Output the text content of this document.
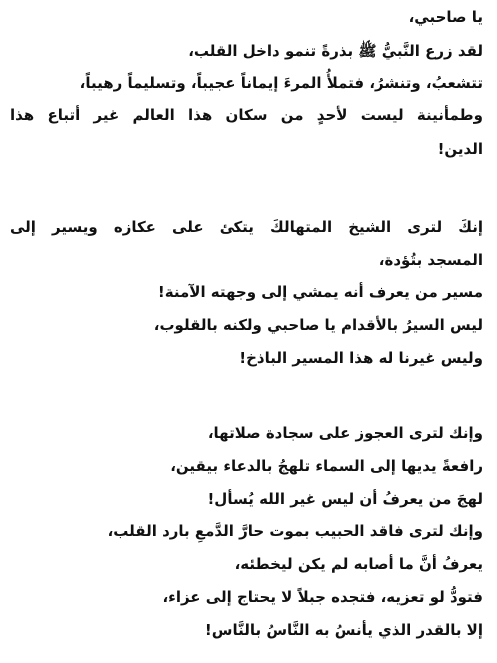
يا صاحبي،
لقد زرع النَّبيُّ ﷺ بذرةً تنمو داخل القلب،
تتشعبُ، وتنشرُ، فتملأُ المرءَ إيماناً عجيباً، وتسليماً رهيباً،
وطمأنينة ليست لأحدٍ من سكان هذا العالم غير أتباع هذا
الدين!
إنكَ لترى الشيخ المتهالكَ يتكئ على عكازه ويسير إلى
المسجد بتُؤدة،
مسير من يعرف أنه يمشي إلى وجهته الآمنة!
ليس السيرُ بالأقدام يا صاحبي ولكنه بالقلوب،
وليس غيرنا له هذا المسير الباذخ!
وإنك لترى العجوز على سجادة صلاتها،
رافعةً يديها إلى السماء تلهجُ بالدعاء بيقين،
لهجَ من يعرفُ أن ليس غير الله يُسأل!
وإنك لترى فاقد الحبيب بموت حارَّ الدَّمعِ بارد القلب،
يعرفُ أنَّ ما أصابه لم يكن ليخطئه،
فتودُّ لو تعزيه، فتجده جبلاً لا يحتاج إلى عزاء،
إلا بالقدر الذي يأنسُ به النَّاسُ بالنَّاس!
